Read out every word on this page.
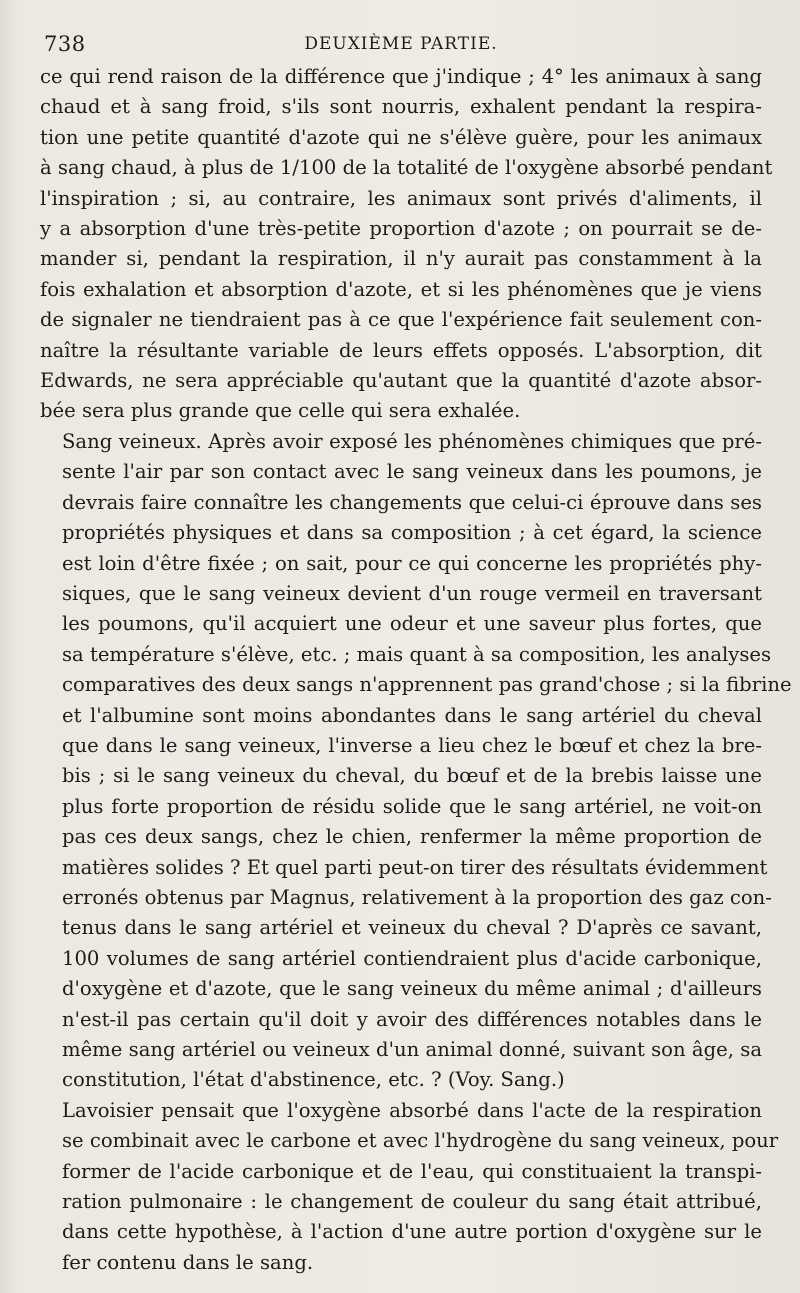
738	DEUXIÈME PARTIE.

ce qui rend raison de la différence que j'indique ; 4° les animaux à sang
chaud et à sang froid, s'ils sont nourris, exhalent pendant la respira-
tion une petite quantité d'azote qui ne s'élève guère, pour les animaux
à sang chaud, à plus de 1/100 de la totalité de l'oxygène absorbé pendant
l'inspiration ; si, au contraire, les animaux sont privés d'aliments, il
y a absorption d'une très-petite proportion d'azote ; on pourrait se de-
mander si, pendant la respiration, il n'y aurait pas constamment à la
fois exhalation et absorption d'azote, et si les phénomènes que je viens
de signaler ne tiendraient pas à ce que l'expérience fait seulement con-
naître la résultante variable de leurs effets opposés. L'absorption, dit
Edwards, ne sera appréciable qu'autant que la quantité d'azote absor-
bée sera plus grande que celle qui sera exhalée.

Sang veineux. Après avoir exposé les phénomènes chimiques que pré-
sente l'air par son contact avec le sang veineux dans les poumons, je
devrais faire connaître les changements que celui-ci éprouve dans ses
propriétés physiques et dans sa composition ; à cet égard, la science
est loin d'être fixée ; on sait, pour ce qui concerne les propriétés phy-
siques, que le sang veineux devient d'un rouge vermeil en traversant
les poumons, qu'il acquiert une odeur et une saveur plus fortes, que
sa température s'élève, etc. ; mais quant à sa composition, les analyses
comparatives des deux sangs n'apprennent pas grand'chose ; si la fibrine
et l'albumine sont moins abondantes dans le sang artériel du cheval
que dans le sang veineux, l'inverse a lieu chez le bœuf et chez la bre-
bis ; si le sang veineux du cheval, du bœuf et de la brebis laisse une
plus forte proportion de résidu solide que le sang artériel, ne voit-on
pas ces deux sangs, chez le chien, renfermer la même proportion de
matières solides ? Et quel parti peut-on tirer des résultats évidemment
erronés obtenus par Magnus, relativement à la proportion des gaz con-
tenus dans le sang artériel et veineux du cheval ? D'après ce savant,
100 volumes de sang artériel contiendraient plus d'acide carbonique,
d'oxygène et d'azote, que le sang veineux du même animal ; d'ailleurs
n'est-il pas certain qu'il doit y avoir des différences notables dans le
même sang artériel ou veineux d'un animal donné, suivant son âge, sa
constitution, l'état d'abstinence, etc. ? (Voy. Sang.)

Lavoisier pensait que l'oxygène absorbé dans l'acte de la respiration
se combinait avec le carbone et avec l'hydrogène du sang veineux, pour
former de l'acide carbonique et de l'eau, qui constituaient la transpi-
ration pulmonaire : le changement de couleur du sang était attribué,
dans cette hypothèse, à l'action d'une autre portion d'oxygène sur le
fer contenu dans le sang.
